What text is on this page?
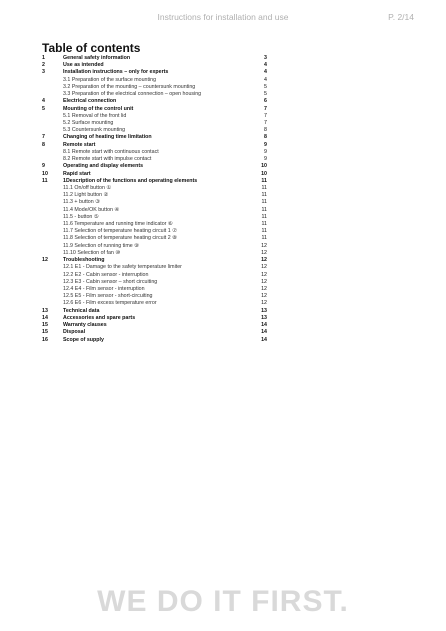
Instructions for installation and use	P. 2/14
Table of contents
1	General safety information	3
2	Use as intended	4
3	Installation instructions – only for experts	4
3.1 Preparation of the surface mounting	4
3.2 Preparation of the mounting – countersunk mounting	5
3.3 Preparation of the electrical connection – open housing	5
4	Electrical connection	6
5	Mounting of the control unit	7
5.1 Removal of the front lid	7
5.2 Surface mounting	7
5.3 Countersunk mounting	8
7	Changing of heating time limitation	8
8	Remote start	9
8.1 Remote start with continuous contact	9
8.2 Remote start with impulse contact	9
9	Operating and display elements	10
10	Rapid start	10
11	1Description of the functions and operating elements	11
11.1 On/off button ①	11
11.2 Light button ②	11
11.3 + button ③	11
11.4 Mode/OK button ④	11
11.5 - button ⑤	11
11.6 Temperature and running time indicator ⑥	11
11.7 Selection of temperature heating circuit 1 ⑦	11
11.8 Selection of temperature heating circuit 2 ⑧	11
11.9 Selection of running time ⑨	12
11.10 Selection of fan ⑩	12
12	Troubleshooting	12
12.1 E1 - Damage to the safety temperature limiter	12
12.2 E2 - Cabin sensor - interruption	12
12.3 E3 - Cabin sensor – short circuiting	12
12.4 E4 - Film sensor - interruption	12
12.5 E5 - Film sensor - short-circuiting	12
12.6 E6 - Film excess temperature error	12
13	Technical data	13
14	Accessories and spare parts	13
15	Warranty clauses	14
15	Disposal	14
16	Scope of supply	14
WE DO IT FIRST.
